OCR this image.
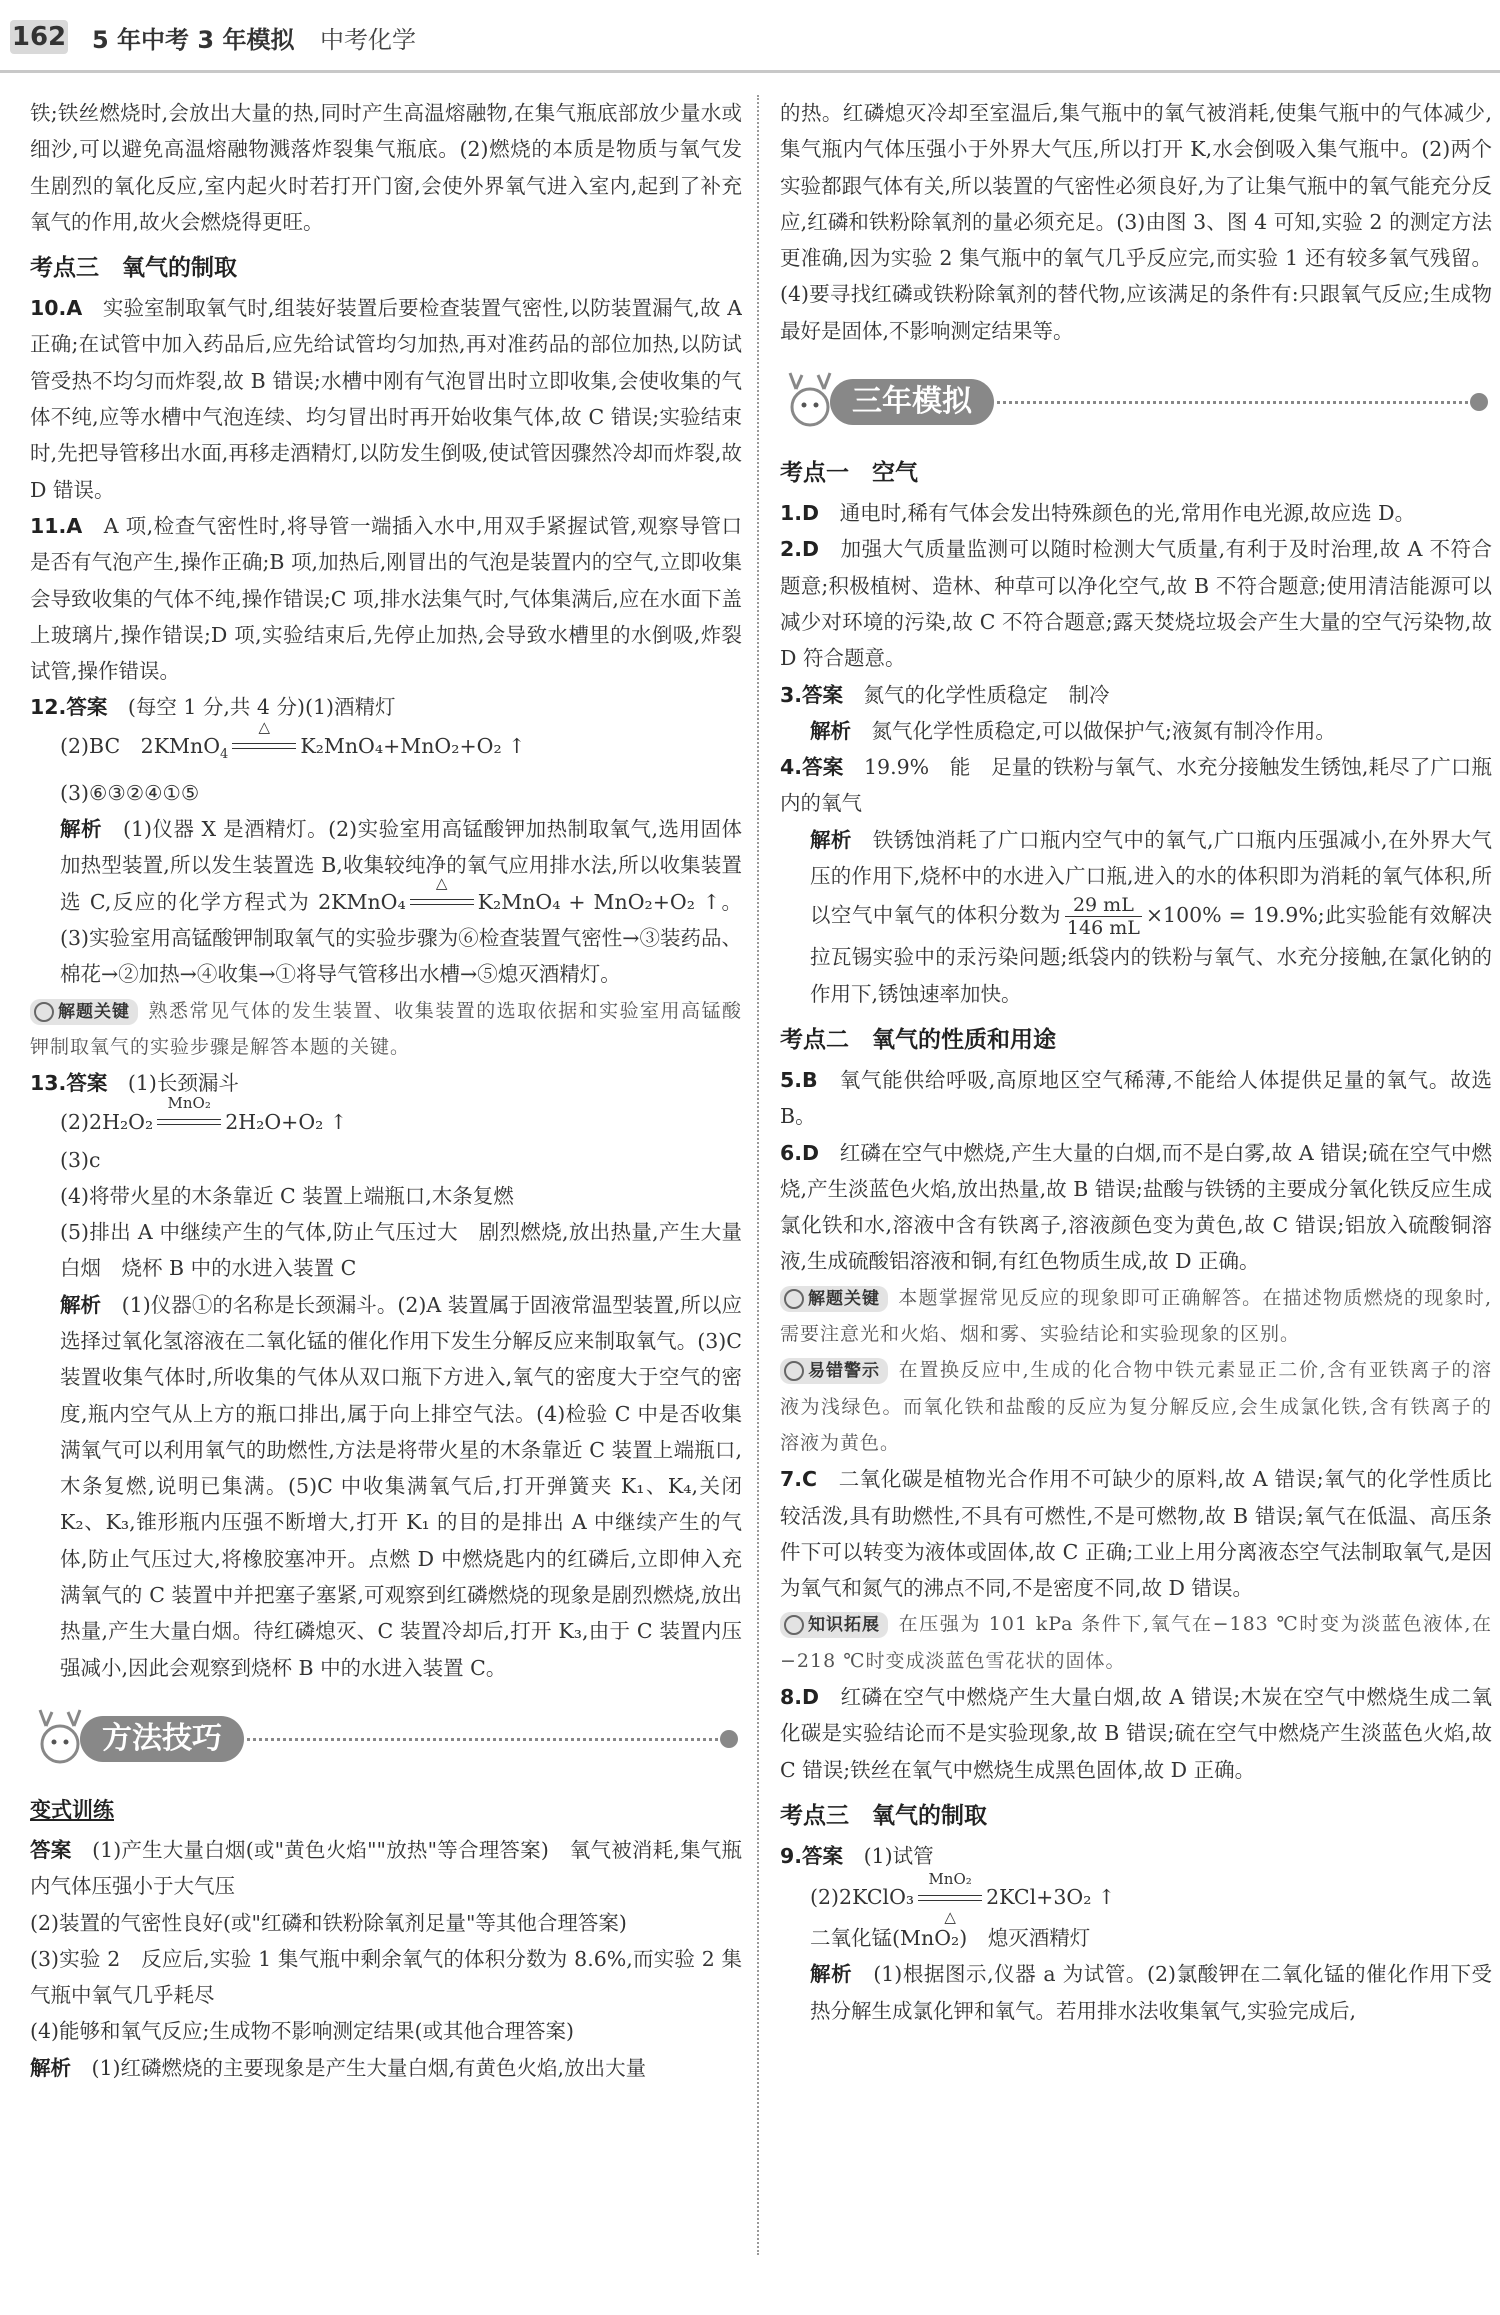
162 5 年中考 3 年模拟 中考化学

铁;铁丝燃烧时,会放出大量的热,同时产生高温熔融物,在集气瓶底部放少量水或细沙,可以避免高温熔融物溅落炸裂集气瓶底。(2)燃烧的本质是物质与氧气发生剧烈的氧化反应,室内起火时若打开门窗,会使外界氧气进入室内,起到了补充氧气的作用,故火会燃烧得更旺。

考点三　氧气的制取

10.A　 实验室制取氧气时,组装好装置后要检查装置气密性,以防装置漏气,故 A 正确;在试管中加入药品后,应先给试管均匀加热,再对准药品的部位加热,以防试管受热不均匀而炸裂,故 B 错误;水槽中刚有气泡冒出时立即收集,会使收集的气体不纯,应等水槽中气泡连续、均匀冒出时再开始收集气体,故 C 错误;实验结束时,先把导管移出水面,再移走酒精灯,以防发生倒吸,使试管因骤然冷却而炸裂,故 D 错误。

11.A　 A 项,检查气密性时,将导管一端插入水中,用双手紧握试管,观察导管口是否有气泡产生,操作正确;B 项,加热后,刚冒出的气泡是装置内的空气,立即收集会导致收集的气体不纯,操作错误;C 项,排水法集气时,气体集满后,应在水面下盖上玻璃片,操作错误;D 项,实验结束后,先停止加热,会导致水槽里的水倒吸,炸裂试管,操作错误。

12.答案　 (每空 1 分,共 4 分)(1)酒精灯

(2)BC　2KMnO$_4$
△
K₂MnO₄+MnO₂+O₂ ↑

(3)⑥③②④①⑤

解析　 (1)仪器 X 是酒精灯。(2)实验室用高锰酸钾加热制取氧气,选用固体加热型装置,所以发生装置选 B,收集较纯净的氧气应用排水法,所以收集装置选 C,反应的化学方程式为 2KMnO₄
△
K₂MnO₄ + MnO₂+O₂ ↑。(3)实验室用高锰酸钾制取氧气的实验步骤为⑥检查装置气密性→③装药品、棉花→②加热→④收集→①将导气管移出水槽→⑤熄灭酒精灯。

解题关键 熟悉常见气体的发生装置、收集装置的选取依据和实验室用高锰酸钾制取氧气的实验步骤是解答本题的关键。

13.答案　 (1)长颈漏斗

(2)2H₂O₂
MnO₂
2H₂O+O₂ ↑

(3)c

(4)将带火星的木条靠近 C 装置上端瓶口,木条复燃

(5)排出 A 中继续产生的气体,防止气压过大　剧烈燃烧,放出热量,产生大量白烟　烧杯 B 中的水进入装置 C

解析　 (1)仪器①的名称是长颈漏斗。(2)A 装置属于固液常温型装置,所以应选择过氧化氢溶液在二氧化锰的催化作用下发生分解反应来制取氧气。(3)C 装置收集气体时,所收集的气体从双口瓶下方进入,氧气的密度大于空气的密度,瓶内空气从上方的瓶口排出,属于向上排空气法。(4)检验 C 中是否收集满氧气可以利用氧气的助燃性,方法是将带火星的木条靠近 C 装置上端瓶口,木条复燃,说明已集满。(5)C 中收集满氧气后,打开弹簧夹 K₁、K₄,关闭 K₂、K₃,锥形瓶内压强不断增大,打开 K₁ 的目的是排出 A 中继续产生的气体,防止气压过大,将橡胶塞冲开。点燃 D 中燃烧匙内的红磷后,立即伸入充满氧气的 C 装置中并把塞子塞紧,可观察到红磷燃烧的现象是剧烈燃烧,放出热量,产生大量白烟。待红磷熄灭、C 装置冷却后,打开 K₃,由于 C 装置内压强减小,因此会观察到烧杯 B 中的水进入装置 C。

方法技巧
变式训练

答案　 (1)产生大量白烟(或"黄色火焰""放热"等合理答案)　氧气被消耗,集气瓶内气体压强小于大气压

(2)装置的气密性良好(或"红磷和铁粉除氧剂足量"等其他合理答案)

(3)实验 2　反应后,实验 1 集气瓶中剩余氧气的体积分数为 8.6%,而实验 2 集气瓶中氧气几乎耗尽

(4)能够和氧气反应;生成物不影响测定结果(或其他合理答案)

解析　 (1)红磷燃烧的主要现象是产生大量白烟,有黄色火焰,放出大量

的热。红磷熄灭冷却至室温后,集气瓶中的氧气被消耗,使集气瓶中的气体减少,集气瓶内气体压强小于外界大气压,所以打开 K,水会倒吸入集气瓶中。(2)两个实验都跟气体有关,所以装置的气密性必须良好,为了让集气瓶中的氧气能充分反应,红磷和铁粉除氧剂的量必须充足。(3)由图 3、图 4 可知,实验 2 的测定方法更准确,因为实验 2 集气瓶中的氧气几乎反应完,而实验 1 还有较多氧气残留。(4)要寻找红磷或铁粉除氧剂的替代物,应该满足的条件有:只跟氧气反应;生成物最好是固体,不影响测定结果等。

三年模拟
考点一　空气

1.D　 通电时,稀有气体会发出特殊颜色的光,常用作电光源,故应选 D。

2.D　 加强大气质量监测可以随时检测大气质量,有利于及时治理,故 A 不符合题意;积极植树、造林、种草可以净化空气,故 B 不符合题意;使用清洁能源可以减少对环境的污染,故 C 不符合题意;露天焚烧垃圾会产生大量的空气污染物,故 D 符合题意。

3.答案　 氮气的化学性质稳定　制冷

解析　 氮气化学性质稳定,可以做保护气;液氮有制冷作用。

4.答案　 19.9%　能　足量的铁粉与氧气、水充分接触发生锈蚀,耗尽了广口瓶内的氧气

解析　 铁锈蚀消耗了广口瓶内空气中的氧气,广口瓶内压强减小,在外界大气压的作用下,烧杯中的水进入广口瓶,进入的水的体积即为消耗的氧气体积,所以空气中氧气的体积分数为 $\frac{29 mL}{146 mL} \times 100\% = 19.9\%$;此实验能有效解决拉瓦锡实验中的汞污染问题;纸袋内的铁粉与氧气、水充分接触,在氯化钠的作用下,锈蚀速率加快。

考点二　氧气的性质和用途

5.B　 氧气能供给呼吸,高原地区空气稀薄,不能给人体提供足量的氧气。故选 B。

6.D　 红磷在空气中燃烧,产生大量的白烟,而不是白雾,故 A 错误;硫在空气中燃烧,产生淡蓝色火焰,放出热量,故 B 错误;盐酸与铁锈的主要成分氧化铁反应生成氯化铁和水,溶液中含有铁离子,溶液颜色变为黄色,故 C 错误;铝放入硫酸铜溶液,生成硫酸铝溶液和铜,有红色物质生成,故 D 正确。

解题关键 本题掌握常见反应的现象即可正确解答。在描述物质燃烧的现象时,需要注意光和火焰、烟和雾、实验结论和实验现象的区别。

易错警示 在置换反应中,生成的化合物中铁元素显正二价,含有亚铁离子的溶液为浅绿色。而氧化铁和盐酸的反应为复分解反应,会生成氯化铁,含有铁离子的溶液为黄色。

7.C　 二氧化碳是植物光合作用不可缺少的原料,故 A 错误;氧气的化学性质比较活泼,具有助燃性,不具有可燃性,不是可燃物,故 B 错误;氧气在低温、高压条件下可以转变为液体或固体,故 C 正确;工业上用分离液态空气法制取氧气,是因为氧气和氮气的沸点不同,不是密度不同,故 D 错误。

知识拓展 在压强为 101 kPa 条件下,氧气在−183 ℃时变为淡蓝色液体,在−218 ℃时变成淡蓝色雪花状的固体。

8.D　 红磷在空气中燃烧产生大量白烟,故 A 错误;木炭在空气中燃烧生成二氧化碳是实验结论而不是实验现象,故 B 错误;硫在空气中燃烧产生淡蓝色火焰,故 C 错误;铁丝在氧气中燃烧生成黑色固体,故 D 正确。

考点三　氧气的制取

9.答案　 (1)试管

(2)2KClO₃
MnO₂
△
2KCl+3O₂ ↑

二氧化锰(MnO₂)　熄灭酒精灯

解析　 (1)根据图示,仪器 a 为试管。(2)氯酸钾在二氧化锰的催化作用下受热分解生成氯化钾和氧气。若用排水法收集氧气,实验完成后,
